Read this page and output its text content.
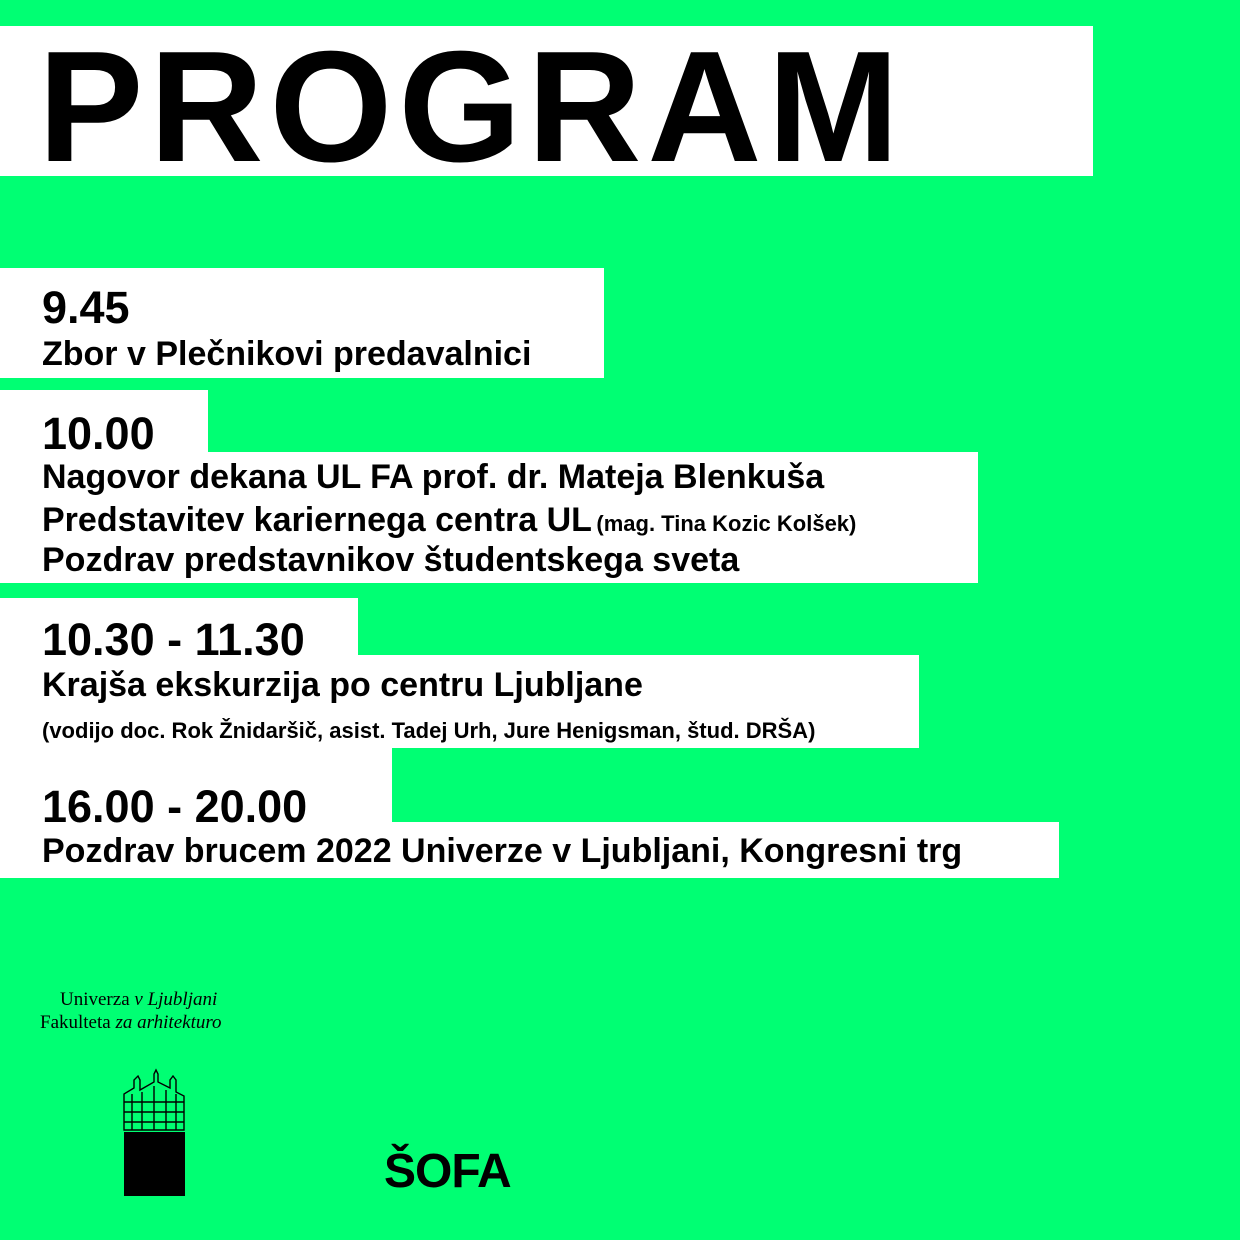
PROGRAM
9.45
Zbor v Plečnikovi predavalnici
10.00
Nagovor dekana UL FA prof. dr. Mateja Blenkuša
Predstavitev kariernega centra UL (mag. Tina Kozic Kolšek)
Pozdrav predstavnikov študentskega sveta
10.30 - 11.30
Krajša ekskurzija po centru Ljubljane
(vodijo doc. Rok Žnidaršič, asist. Tadej Urh, Jure Henigsman, štud. DRŠA)
16.00 - 20.00
Pozdrav brucem 2022 Univerze v Ljubljani, Kongresni trg
Univerza v Ljubljani
Fakulteta za arhitekturo
ŠOFA
